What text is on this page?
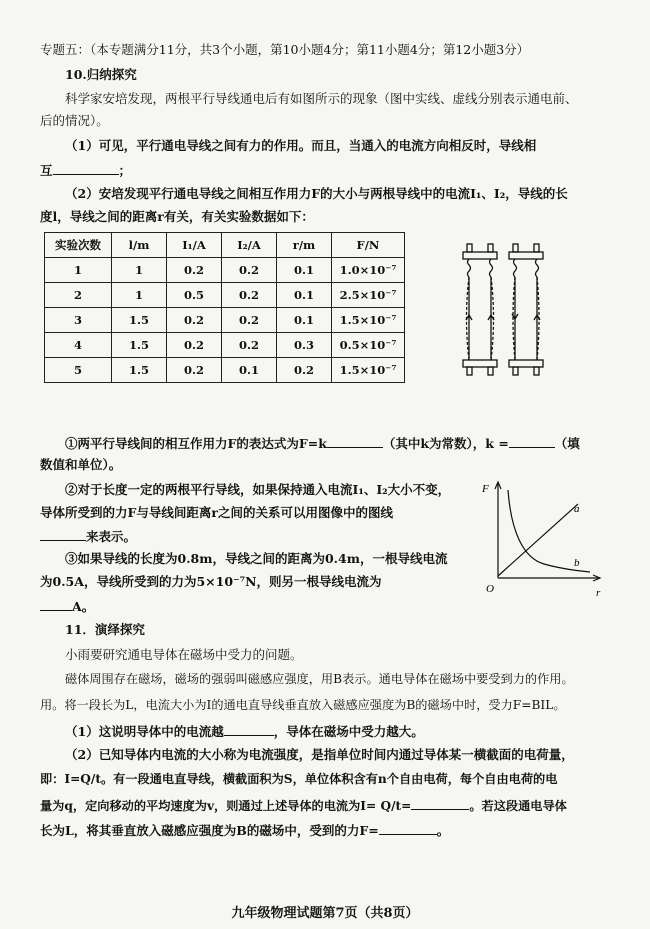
专题五：（本专题满分11分，共3个小题，第10小题4分；第11小题4分；第12小题3分）
10.归纳探究
科学家安培发现，两根平行导线通电后有如图所示的现象（图中实线、虚线分别表示通电前、
后的情况）。
（1）可见，平行通电导线之间有力的作用。而且，当通入的电流方向相反时，导线相
互	；
（2）安培发现平行通电导线之间相互作用力F的大小与两根导线中的电流I₁、I₂，导线的长
度l，导线之间的距离r有关，有关实验数据如下：
实验次数	l/m	I₁/A	I₂/A	r/m	F/N
1	1	0.2	0.2	0.1	1.0×10⁻⁷
2	1	0.5	0.2	0.1	2.5×10⁻⁷
3	1.5	0.2	0.2	0.1	1.5×10⁻⁷
4	1.5	0.2	0.2	0.3	0.5×10⁻⁷
5	1.5	0.2	0.1	0.2	1.5×10⁻⁷
①两平行导线间的相互作用力F的表达式为F=k	（其中k为常数），k =	（填
数值和单位）。
②对于长度一定的两根平行导线，如果保持通入电流I₁、I₂大小不变，
导体所受到的力F与导线间距离r之间的关系可以用图像中的图线
来表示。
③如果导线的长度为0.8m，导线之间的距离为0.4m，一根导线电流
为0.5A，导线所受到的力为5×10⁻⁷N，则另一根导线电流为
A。
F
O	r
a
b
11．演绎探究
小雨要研究通电导体在磁场中受力的问题。
磁体周围存在磁场，磁场的强弱叫磁感应强度，用B表示。通电导体在磁场中要受到力的作用。
用。将一段长为L，电流大小为I的通电直导线垂直放入磁感应强度为B的磁场中时，受力F=BIL。
（1）这说明导体中的电流越	，导体在磁场中受力越大。
（2）已知导体内电流的大小称为电流强度，是指单位时间内通过导体某一横截面的电荷量，
即：I=Q/t。有一段通电直导线，横截面积为S，单位体积含有n个自由电荷，每个自由电荷的电
量为q，定向移动的平均速度为v，则通过上述导体的电流为I= Q/t=	。若这段通电导体
长为L，将其垂直放入磁感应强度为B的磁场中，受到的力F=	。
九年级物理试题第7页（共8页）
